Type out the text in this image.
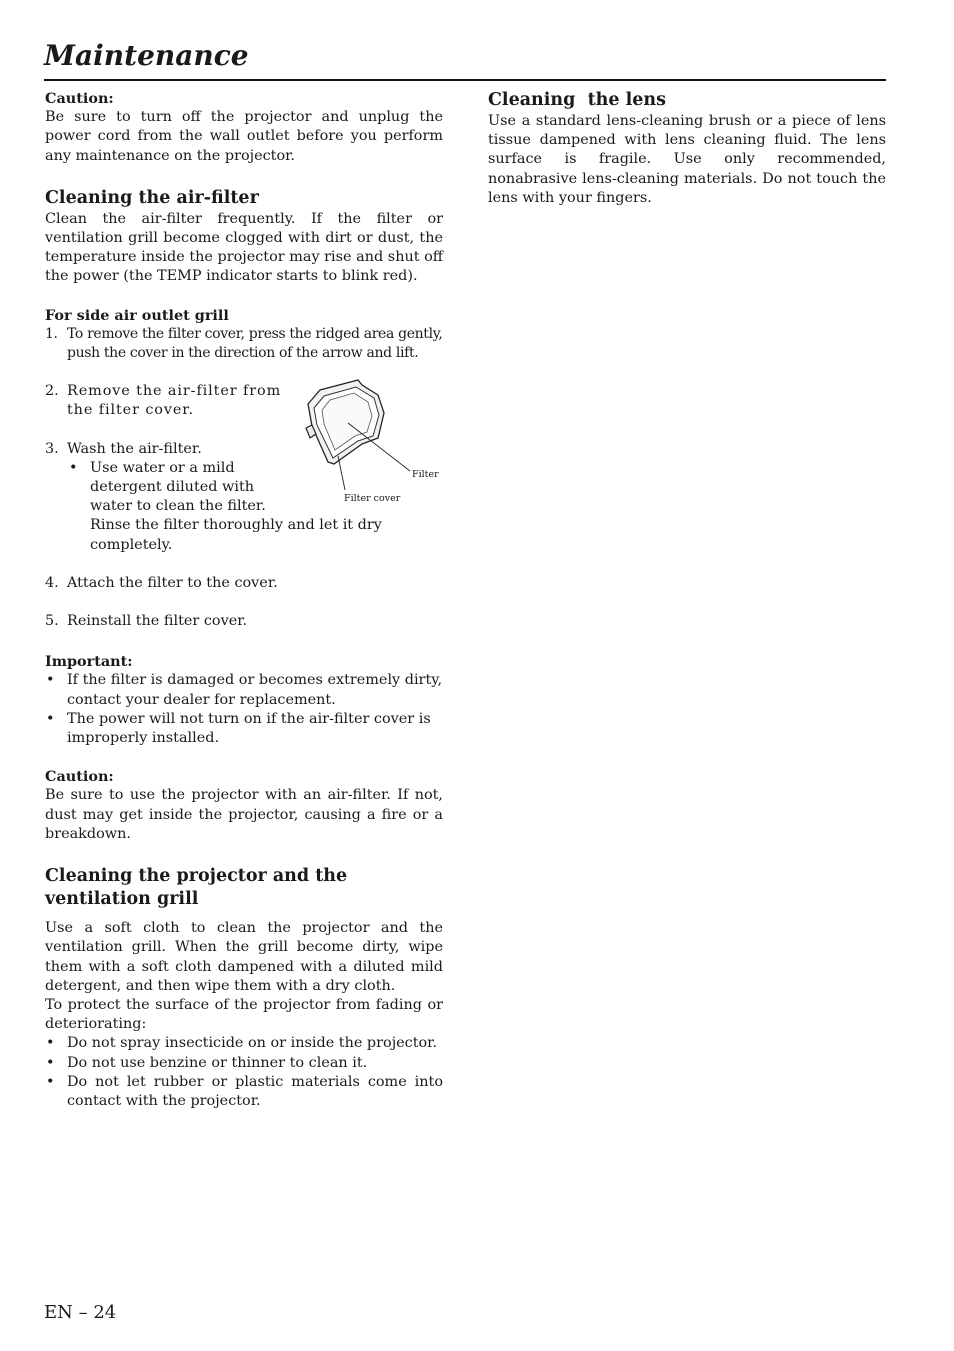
Maintenance

Caution:

Be sure to turn off the projector and unplug the power cord from the wall outlet before you perform any maintenance on the projector.

Cleaning the air-filter

Clean the air-filter frequently. If the filter or ventilation grill become clogged with dirt or dust, the temperature inside the projector may rise and shut off the power (the TEMP indicator starts to blink red).

For side air outlet grill

1. To remove the filter cover, press the ridged area gently, push the cover in the direction of the arrow and lift.
2. Remove the air-filter from the filter cover.
3. Wash the air-filter.
• Use water or a mild detergent diluted with water to clean the filter.

Rinse the filter thoroughly and let it dry completely.

4. Attach the filter to the cover.
5. Reinstall the filter cover.

Important:

• If the filter is damaged or becomes extremely dirty, contact your dealer for replacement.
• The power will not turn on if the air-filter cover is improperly installed.

Caution:

Be sure to use the projector with an air-filter. If not, dust may get inside the projector, causing a fire or a breakdown.

Cleaning the projector and the ventilation grill

Use a soft cloth to clean the projector and the ventilation grill. When the grill become dirty, wipe them with a soft cloth dampened with a diluted mild detergent, and then wipe them with a dry cloth.

To protect the surface of the projector from fading or deteriorating:

• Do not spray insecticide on or inside the projector.
• Do not use benzine or thinner to clean it.
• Do not let rubber or plastic materials come into contact with the projector.
Filter
Filter cover
Cleaning  the lens

Use a standard lens-cleaning brush or a piece of lens tissue dampened with lens cleaning fluid. The lens surface is fragile. Use only recommended, nonabrasive lens-cleaning materials. Do not touch the lens with your fingers.

EN – 24
